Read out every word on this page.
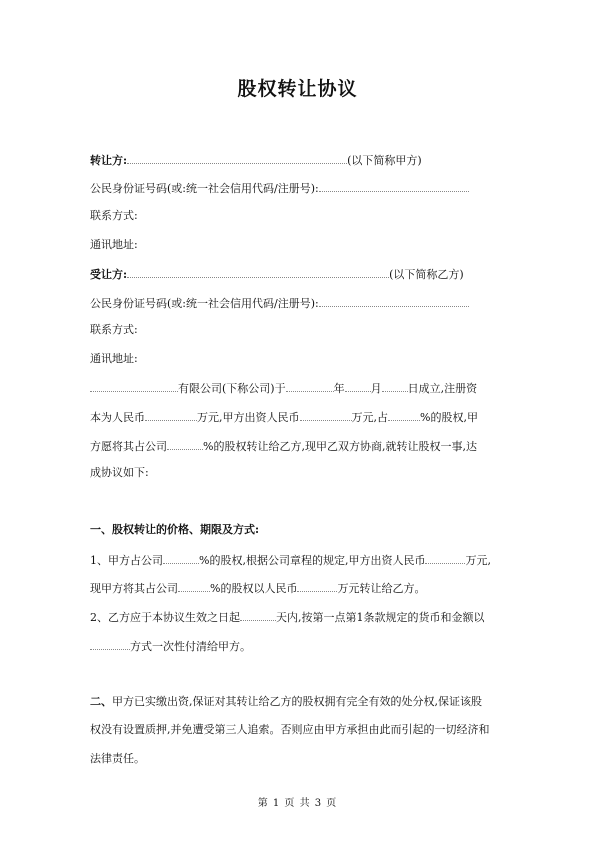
股权转让协议
转让方:	(以下简称甲方)
公民身份证号码(或:统一社会信用代码/注册号):
联系方式:
通讯地址:
受让方:	(以下简称乙方)
公民身份证号码(或:统一社会信用代码/注册号):
联系方式:
通讯地址:
有限公司(下称公司)于	年 月 日成立,注册资
本为人民币	万元,甲方出资人民币	万元,占	%的股权,甲
方愿将其占公司	%的股权转让给乙方,现甲乙双方协商,就转让股权一事,达
成协议如下:
一、股权转让的价格、期限及方式:
1、甲方占公司	%的股权,根据公司章程的规定,甲方出资人民币	万元,
现甲方将其占公司	%的股权以人民币	万元转让给乙方。
2、乙方应于本协议生效之日起	天内,按第一点第1条款规定的货币和金额以
方式一次性付清给甲方。
二、甲方已实缴出资,保证对其转让给乙方的股权拥有完全有效的处分权,保证该股
权没有设置质押,并免遭受第三人追索。否则应由甲方承担由此而引起的一切经济和
法律责任。
第 1 页 共 3 页
